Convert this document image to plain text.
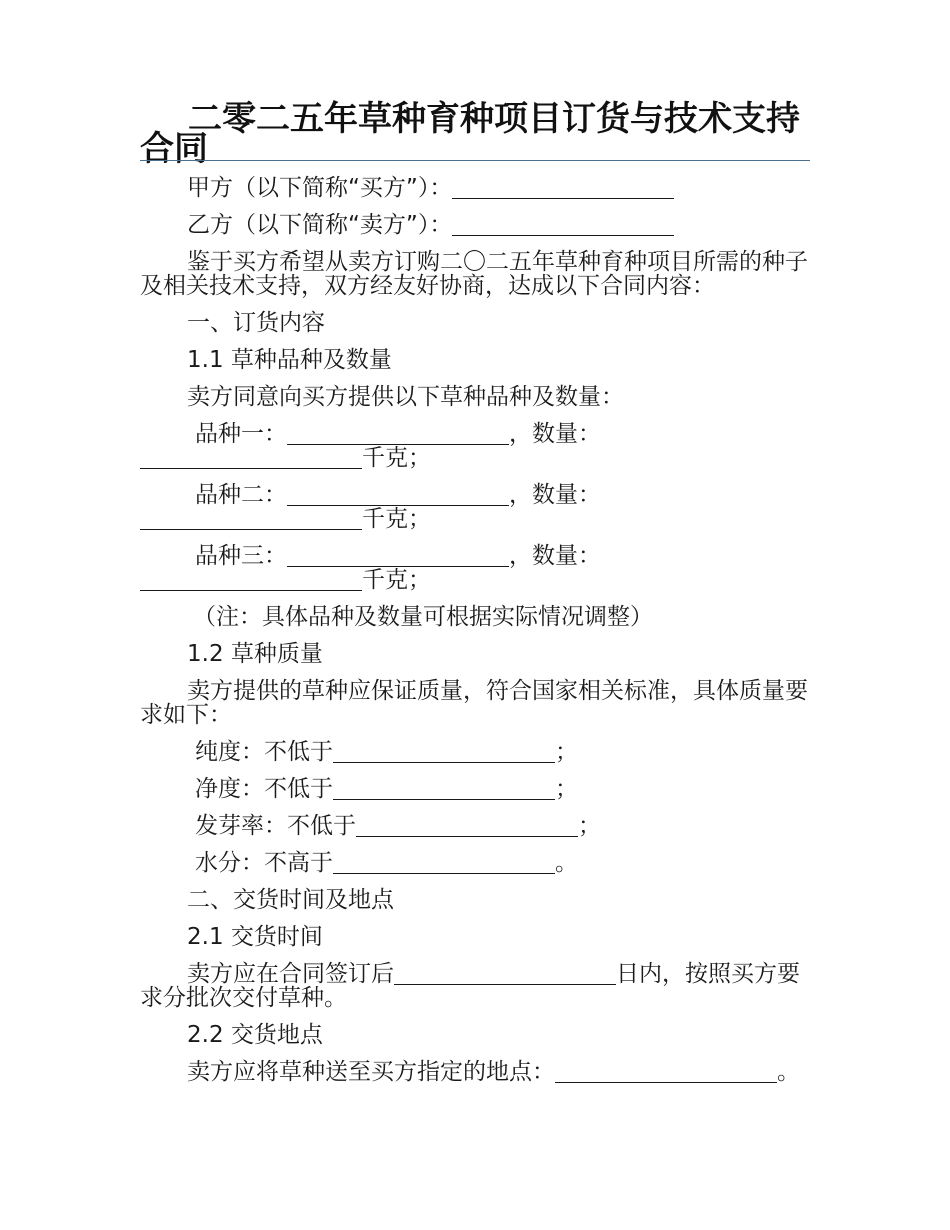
二零二五年草种育种项目订货与技术支持合同

甲方（以下简称“买方”）：

乙方（以下简称“卖方”）：

鉴于买方希望从卖方订购二〇二五年草种育种项目所需的种子及相关技术支持，双方经友好协商，达成以下合同内容：

一、订货内容

1.1 草种品种及数量

卖方同意向买方提供以下草种品种及数量：

品种一：	，数量：千克；

品种二：	，数量：千克；

品种三：	，数量：千克；

（注：具体品种及数量可根据实际情况调整）

1.2 草种质量

卖方提供的草种应保证质量，符合国家相关标准，具体质量要求如下：

纯度：不低于	；

净度：不低于	；

发芽率：不低于	；

水分：不高于	。

二、交货时间及地点

2.1 交货时间

卖方应在合同签订后	日内，按照买方要求分批次交付草种。

2.2 交货地点

卖方应将草种送至买方指定的地点：	。
